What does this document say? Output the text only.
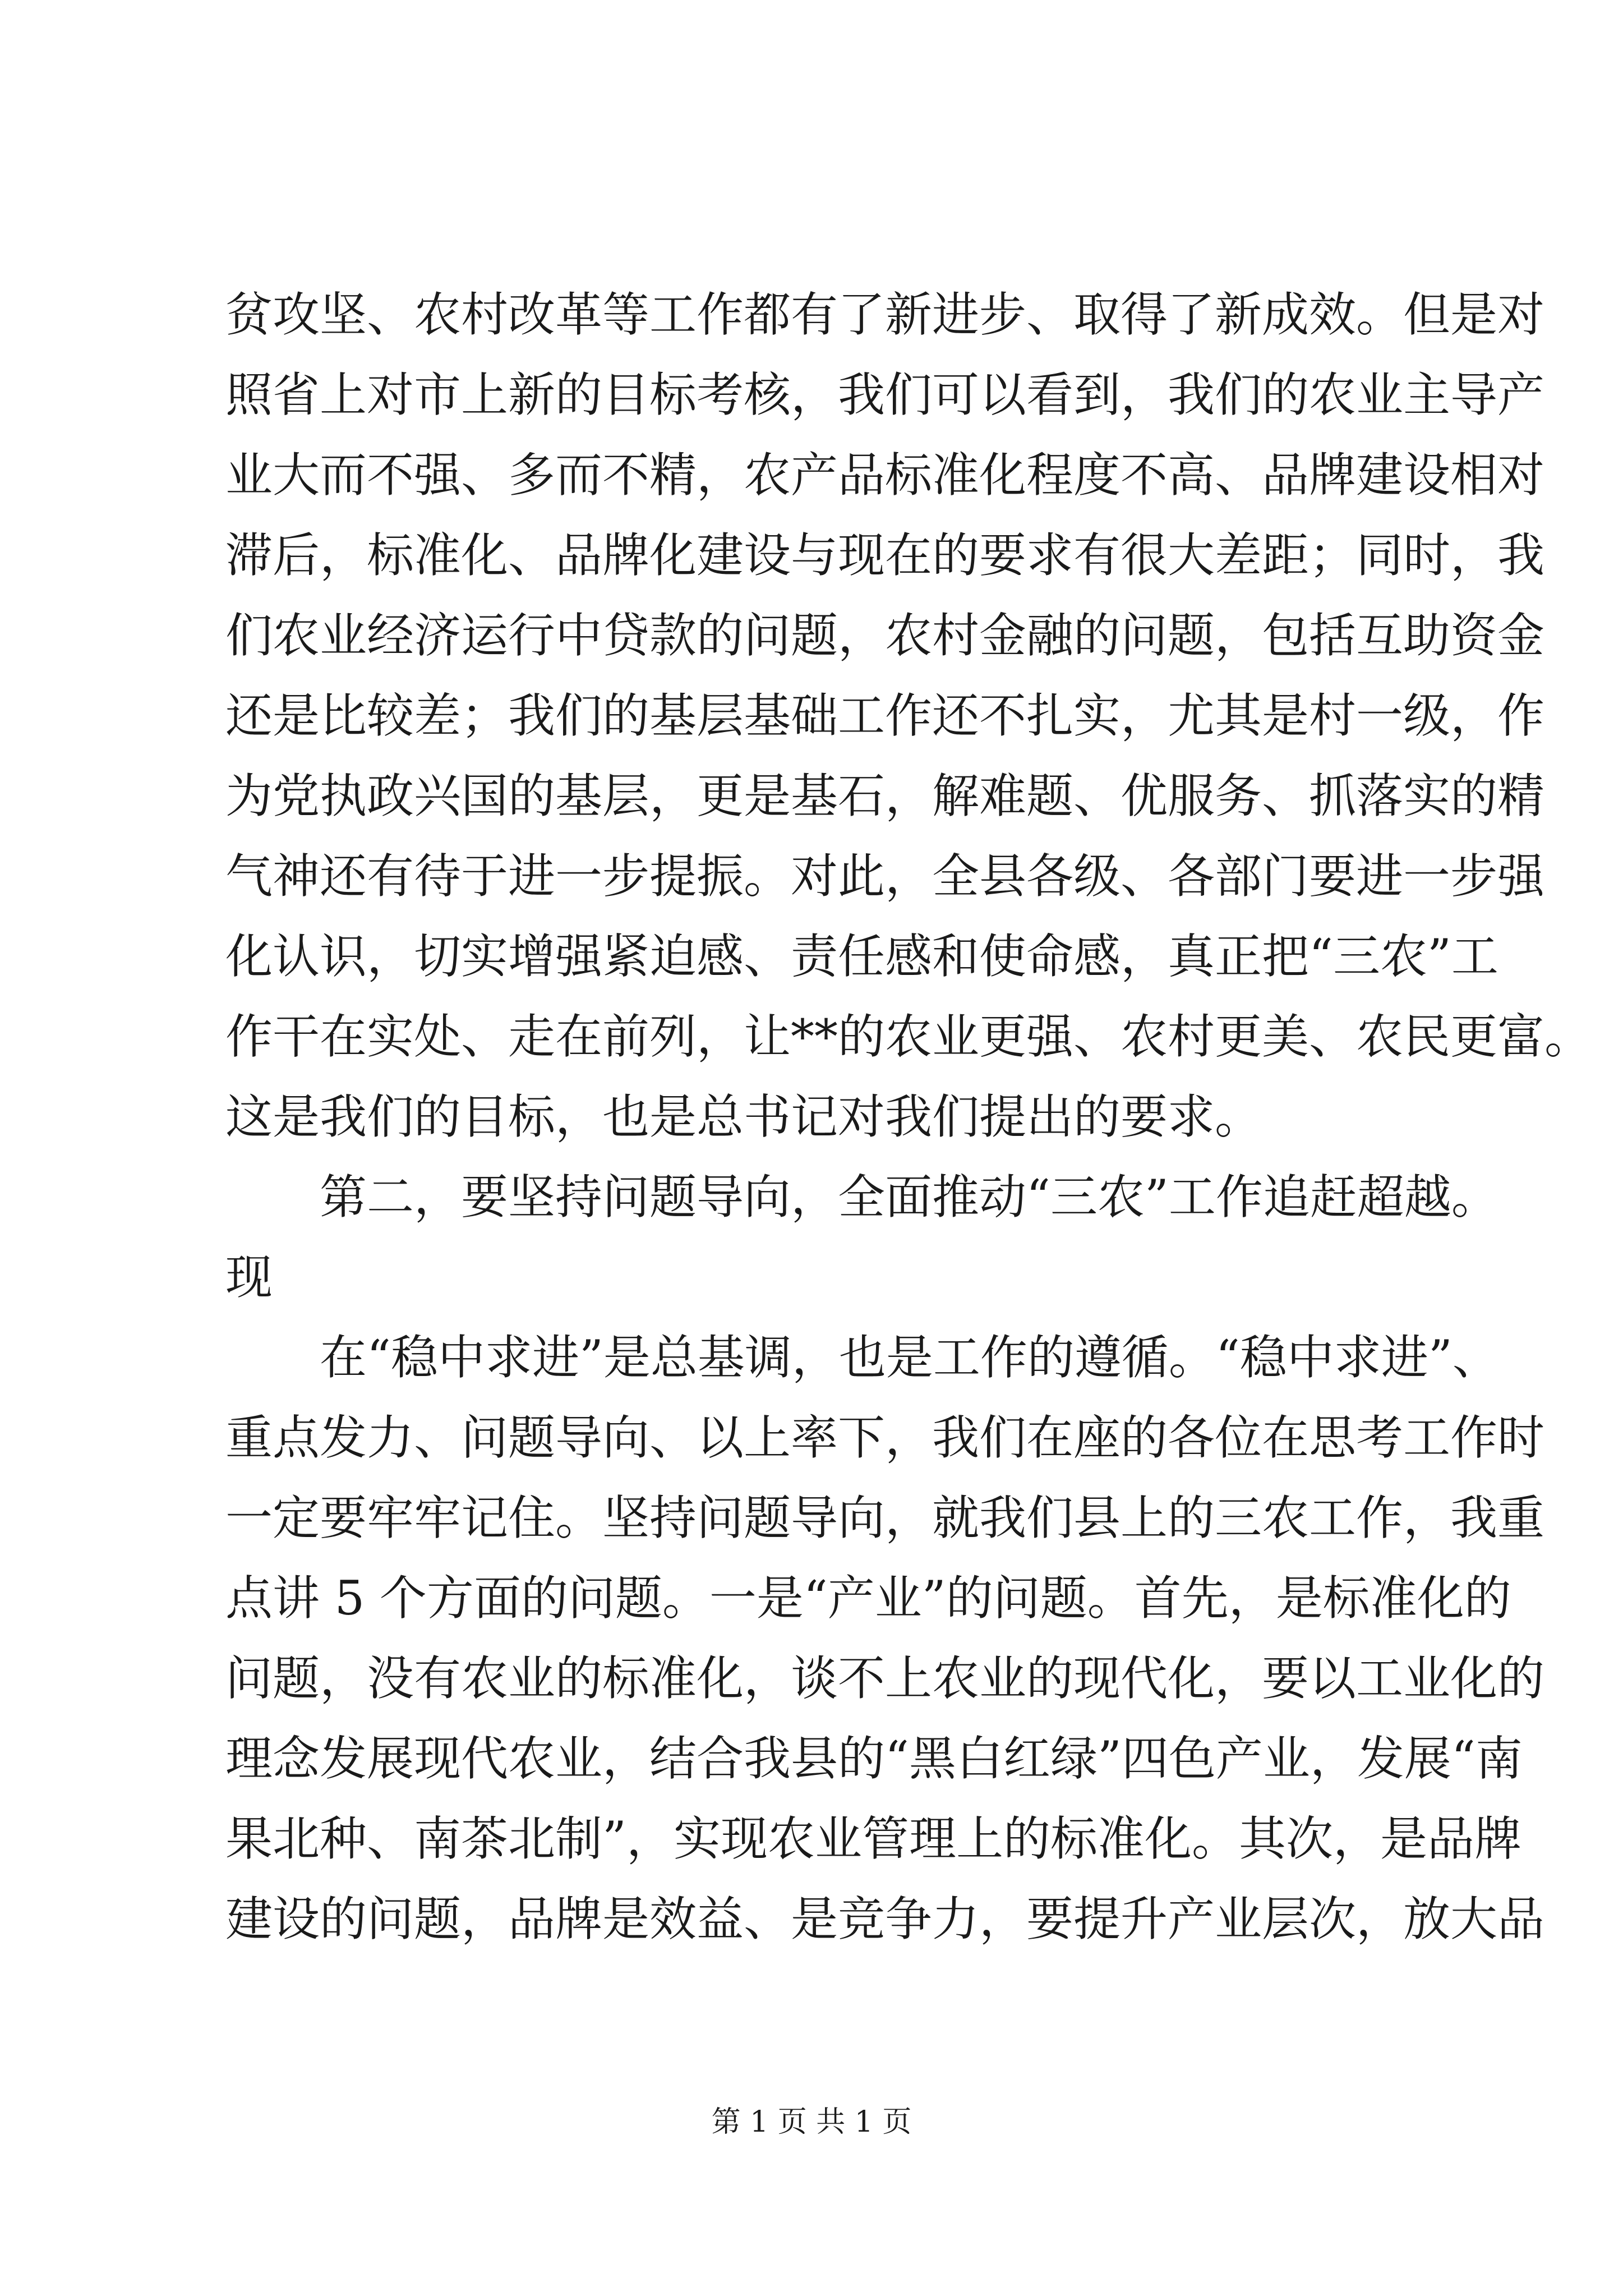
贫攻坚、农村改革等工作都有了新进步、取得了新成效。但是对
照省上对市上新的目标考核，我们可以看到，我们的农业主导产
业大而不强、多而不精，农产品标准化程度不高、品牌建设相对
滞后，标准化、品牌化建设与现在的要求有很大差距；同时，我
们农业经济运行中贷款的问题，农村金融的问题，包括互助资金
还是比较差；我们的基层基础工作还不扎实，尤其是村一级，作
为党执政兴国的基层，更是基石，解难题、优服务、抓落实的精
气神还有待于进一步提振。对此，全县各级、各部门要进一步强
化认识，切实增强紧迫感、责任感和使命感，真正把“三农”工
作干在实处、走在前列，让**的农业更强、农村更美、农民更富。
这是我们的目标，也是总书记对我们提出的要求。
　　第二，要坚持问题导向，全面推动“三农”工作追赶超越。
现
　　在“稳中求进”是总基调，也是工作的遵循。“稳中求进”、
重点发力、问题导向、以上率下，我们在座的各位在思考工作时
一定要牢牢记住。坚持问题导向，就我们县上的三农工作，我重
点讲 5 个方面的问题。一是“产业”的问题。首先，是标准化的
问题，没有农业的标准化，谈不上农业的现代化，要以工业化的
理念发展现代农业，结合我县的“黑白红绿”四色产业，发展“南
果北种、南茶北制”，实现农业管理上的标准化。其次，是品牌
建设的问题，品牌是效益、是竞争力，要提升产业层次，放大品
第 1 页 共 1 页
